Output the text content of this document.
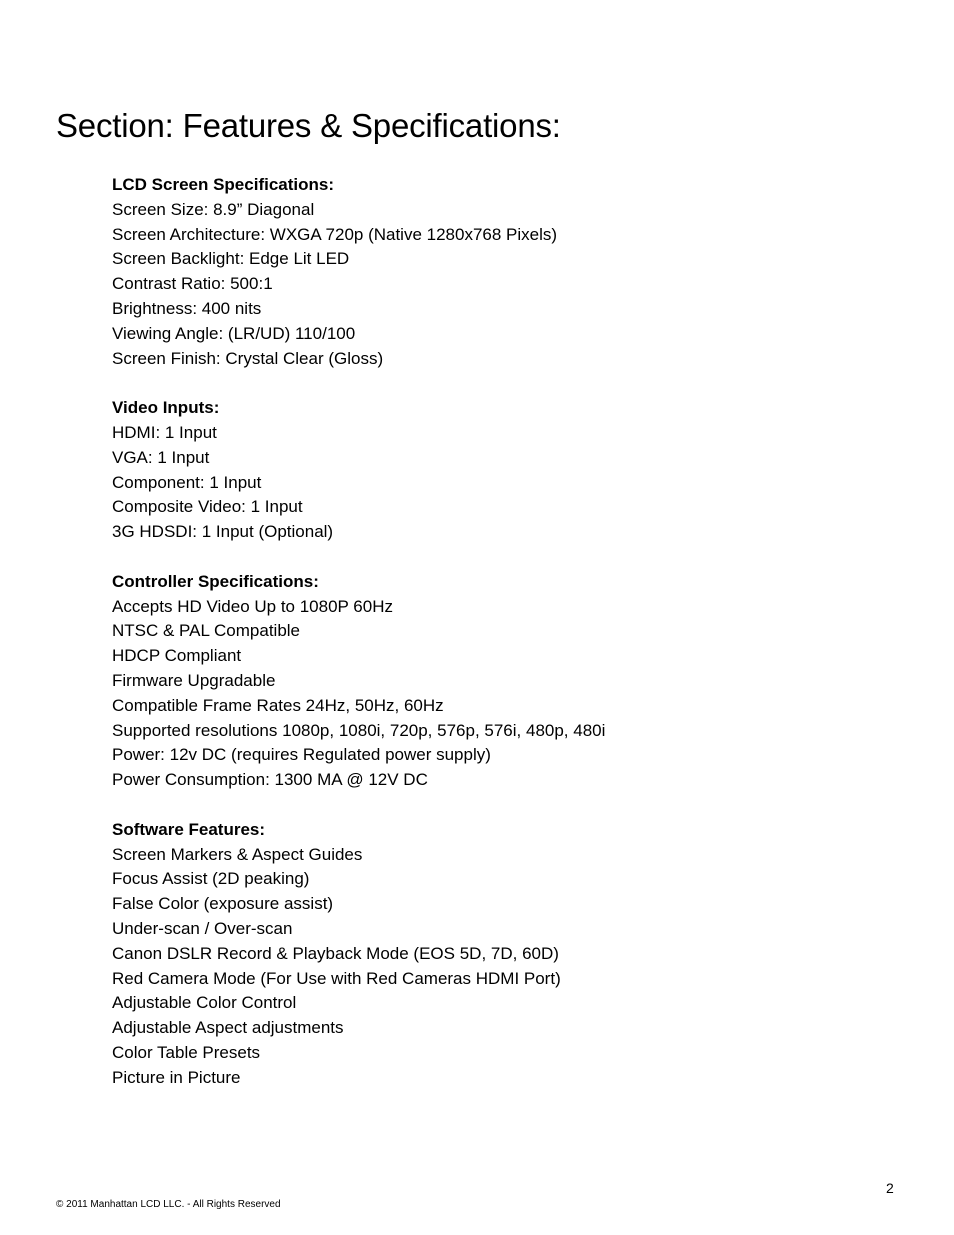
Section: Features & Specifications:
LCD Screen Specifications:
Screen Size: 8.9” Diagonal
Screen Architecture: WXGA 720p (Native 1280x768 Pixels)
Screen Backlight: Edge Lit LED
Contrast Ratio: 500:1
Brightness: 400 nits
Viewing Angle: (LR/UD) 110/100
Screen Finish: Crystal Clear (Gloss)
Video Inputs:
HDMI: 1 Input
VGA: 1 Input
Component: 1 Input
Composite Video: 1 Input
3G HDSDI: 1 Input (Optional)
Controller Specifications:
Accepts HD Video Up to 1080P 60Hz
NTSC & PAL Compatible
HDCP Compliant
Firmware Upgradable
Compatible Frame Rates 24Hz, 50Hz, 60Hz
Supported resolutions 1080p, 1080i, 720p, 576p, 576i, 480p, 480i
Power: 12v DC (requires Regulated power supply)
Power Consumption: 1300 MA @ 12V DC
Software Features:
Screen Markers & Aspect Guides
Focus Assist (2D peaking)
False Color (exposure assist)
Under-scan / Over-scan
Canon DSLR Record & Playback Mode (EOS 5D, 7D, 60D)
Red Camera Mode (For Use with Red Cameras HDMI Port)
Adjustable Color Control
Adjustable Aspect adjustments
Color Table Presets
Picture in Picture
2
© 2011 Manhattan LCD LLC. - All Rights Reserved
